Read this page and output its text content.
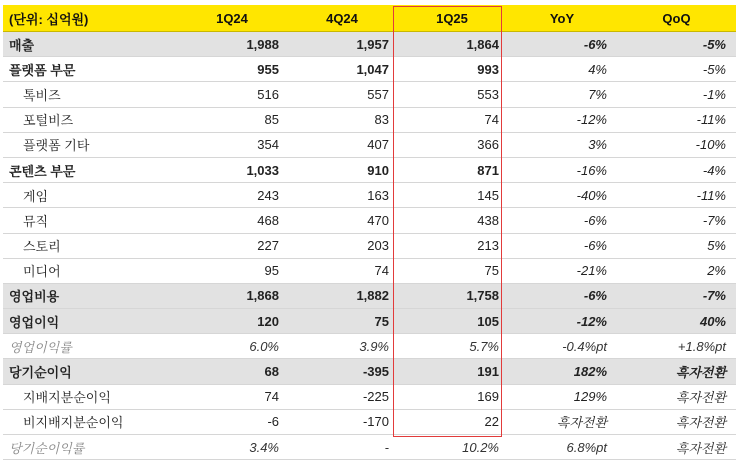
(단위: 십억원)	1Q24	4Q24	1Q25	YoY	QoQ
매출	1,988	1,957	1,864	-6%	-5%
플랫폼 부문	955	1,047	993	4%	-5%
톡비즈	516	557	553	7%	-1%
포털비즈	85	83	74	-12%	-11%
플랫폼 기타	354	407	366	3%	-10%
콘텐츠 부문	1,033	910	871	-16%	-4%
게임	243	163	145	-40%	-11%
뮤직	468	470	438	-6%	-7%
스토리	227	203	213	-6%	5%
미디어	95	74	75	-21%	2%
영업비용	1,868	1,882	1,758	-6%	-7%
영업이익	120	75	105	-12%	40%
영업이익률	6.0%	3.9%	5.7%	-0.4%pt	+1.8%pt
당기순이익	68	-395	191	182%	흑자전환
지배지분순이익	74	-225	169	129%	흑자전환
비지배지분순이익	-6	-170	22	흑자전환	흑자전환
당기순이익률	3.4%	-	10.2%	6.8%pt	흑자전환
